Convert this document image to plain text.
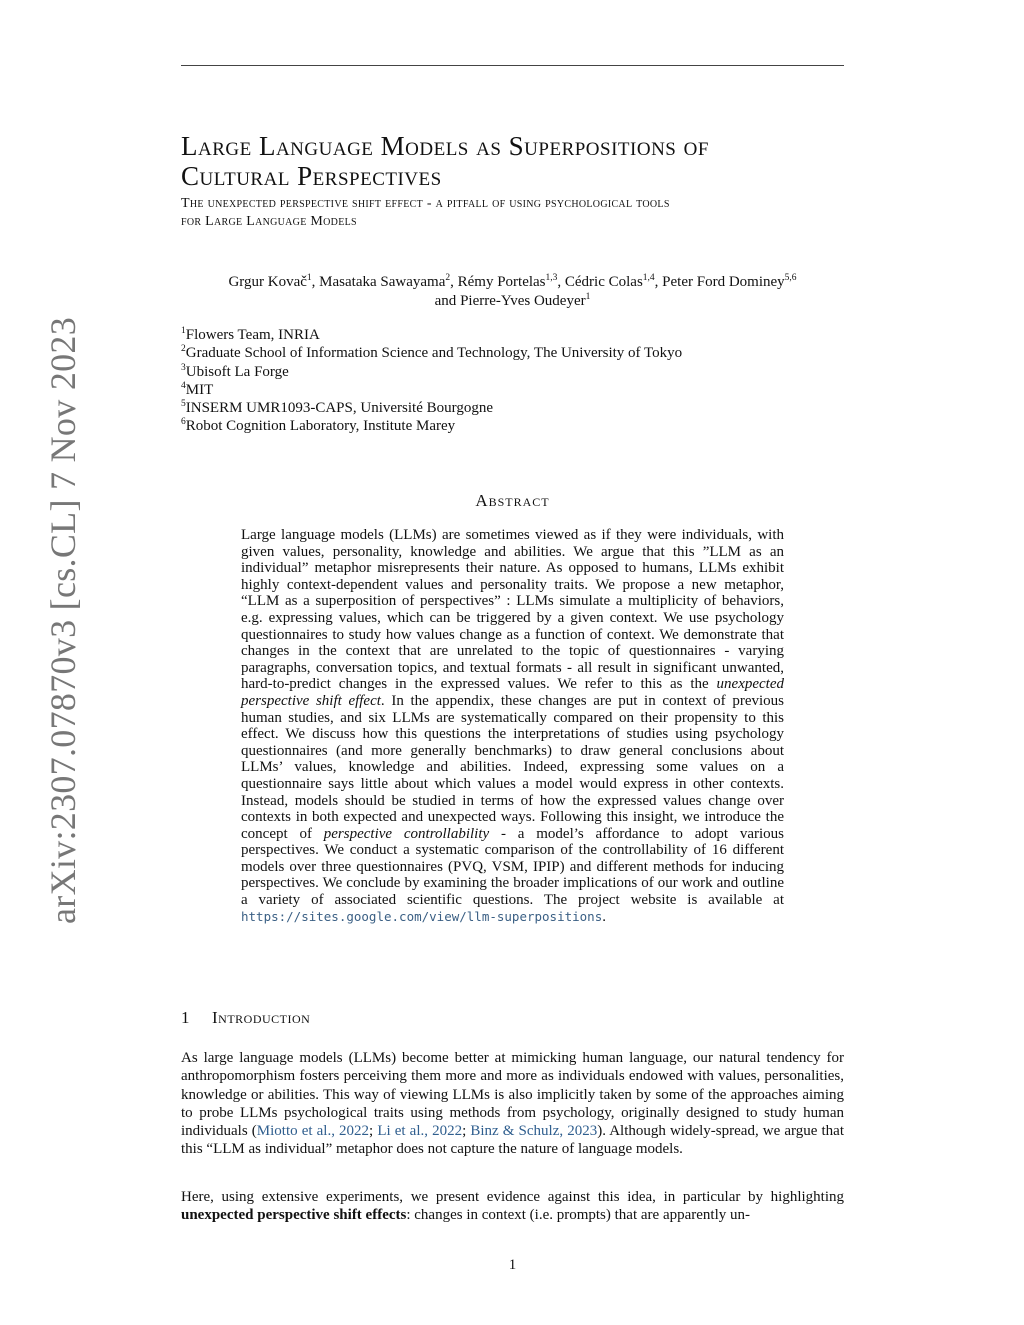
arXiv:2307.07870v3 [cs.CL] 7 Nov 2023
Large Language Models as Superpositions of
Cultural Perspectives
The unexpected perspective shift effect - a pitfall of using psychological tools
for Large Language Models
Grgur Kovač$^1$, Masataka Sawayama$^2$, Rémy Portelas$^{1,3}$, Cédric Colas$^{1,4}$, Peter Ford Dominey$^{5,6}$
and Pierre-Yves Oudeyer$^1$
$^1$Flowers Team, INRIA
$^2$Graduate School of Information Science and Technology, The University of Tokyo
$^3$Ubisoft La Forge
$^4$MIT
$^5$INSERM UMR1093-CAPS, Université Bourgogne
$^6$Robot Cognition Laboratory, Institute Marey
Abstract

Large language models (LLMs) are sometimes viewed as if they were individuals, with given values, personality, knowledge and abilities. We argue that this ”LLM as an individual” metaphor misrepresents their nature. As opposed to humans, LLMs exhibit highly context-dependent values and personality traits. We propose a new metaphor, “LLM as a superposition of perspectives” : LLMs simulate a multiplicity of behaviors, e.g. expressing values, which can be triggered by a given context. We use psychology questionnaires to study how values change as a function of context. We demonstrate that changes in the context that are unrelated to the topic of questionnaires - varying paragraphs, conversation topics, and textual formats - all result in significant unwanted, hard-to-predict changes in the expressed values. We refer to this as the unexpected perspective shift effect. In the appendix, these changes are put in context of previous human studies, and six LLMs are systematically compared on their propensity to this effect. We discuss how this questions the interpretations of studies using psychology questionnaires (and more generally benchmarks) to draw general conclusions about LLMs’ values, knowledge and abilities. Indeed, expressing some values on a questionnaire says little about which values a model would express in other contexts. Instead, models should be studied in terms of how the expressed values change over contexts in both expected and unexpected ways. Following this insight, we introduce the concept of perspective controllability - a model’s affordance to adopt various perspectives. We conduct a systematic comparison of the controllability of 16 different models over three questionnaires (PVQ, VSM, IPIP) and different methods for inducing perspectives. We conclude by examining the broader implications of our work and outline a variety of associated scientific questions. The project website is available at https://sites.google.com/view/llm-superpositions.

1 Introduction

As large language models (LLMs) become better at mimicking human language, our natural tendency for anthropomorphism fosters perceiving them more and more as individuals endowed with values, personalities, knowledge or abilities. This way of viewing LLMs is also implicitly taken by some of the approaches aiming to probe LLMs psychological traits using methods from psychology, originally designed to study human individuals (Miotto et al., 2022; Li et al., 2022; Binz & Schulz, 2023). Although widely-spread, we argue that this “LLM as individual” metaphor does not capture the nature of language models.

Here, using extensive experiments, we present evidence against this idea, in particular by highlighting unexpected perspective shift effects: changes in context (i.e. prompts) that are apparently un-

1
